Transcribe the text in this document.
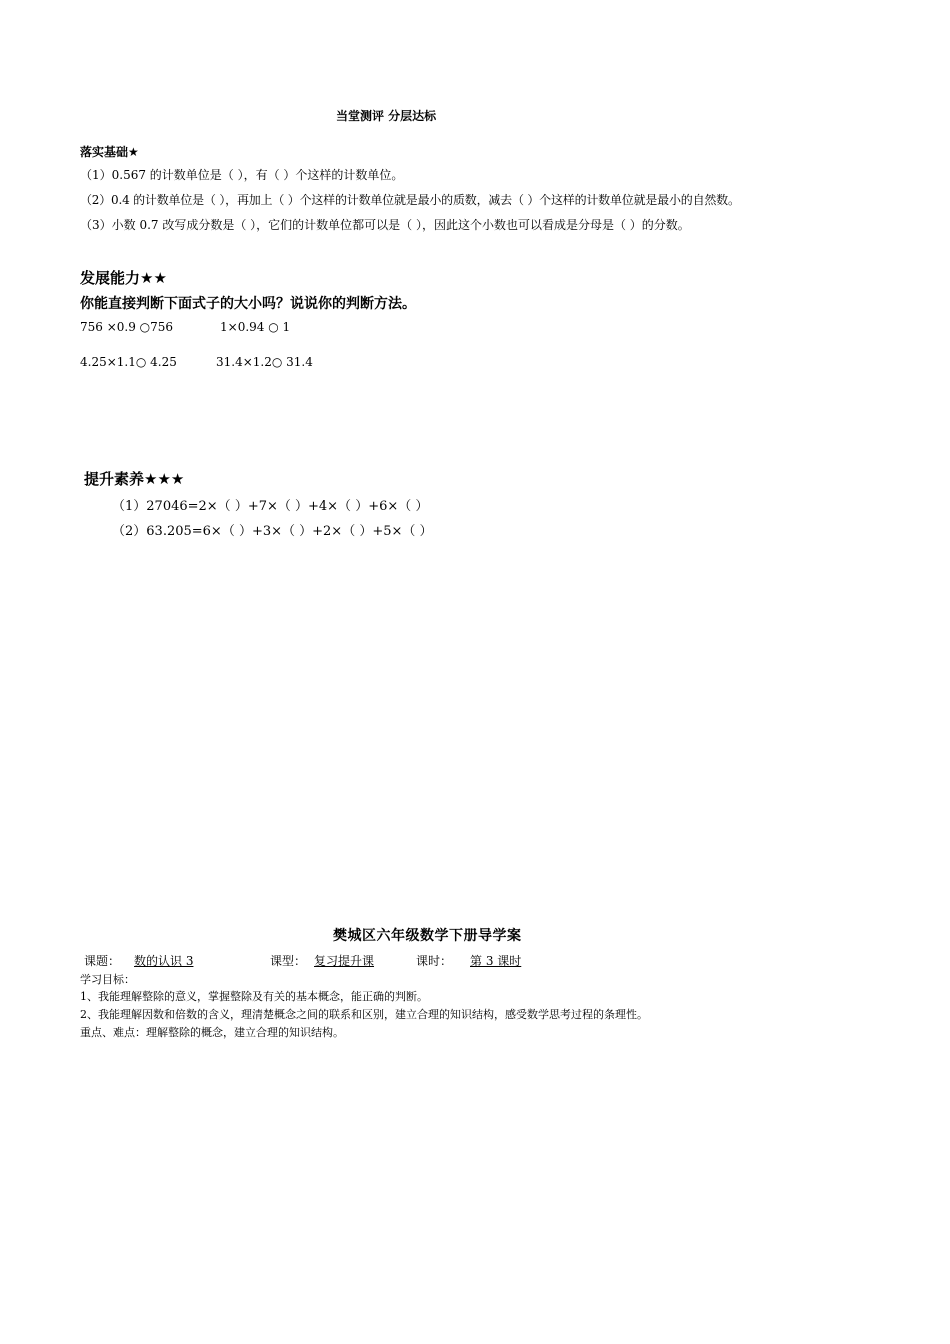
当堂测评 分层达标
落实基础★
（1）0.567 的计数单位是（ ），有（ ）个这样的计数单位。
（2）0.4 的计数单位是（ ），再加上（ ）个这样的计数单位就是最小的质数，减去（ ）个这样的计数单位就是最小的自然数。
（3）小数 0.7 改写成分数是（ ），它们的计数单位都可以是（ ），因此这个小数也可以看成是分母是（ ）的分数。
发展能力★★
你能直接判断下面式子的大小吗？说说你的判断方法。
756 ×0.9 ○756	1×0.94 ○ 1
4.25×1.1○ 4.25	31.4×1.2○ 31.4
提升素养★★★
（1）27046=2×（ ）+7×（ ）+4×（ ）+6×（ ）
（2）63.205=6×（ ）+3×（ ）+2×（ ）+5×（ ）
樊城区六年级数学下册导学案
课题：	数的认识 3	课型： 复习提升课	课时：	第 3 课时
学习目标：
1、我能理解整除的意义，掌握整除及有关的基本概念，能正确的判断。
2、我能理解因数和倍数的含义，理清楚概念之间的联系和区别，建立合理的知识结构，感受数学思考过程的条理性。
重点、难点：理解整除的概念，建立合理的知识结构。
